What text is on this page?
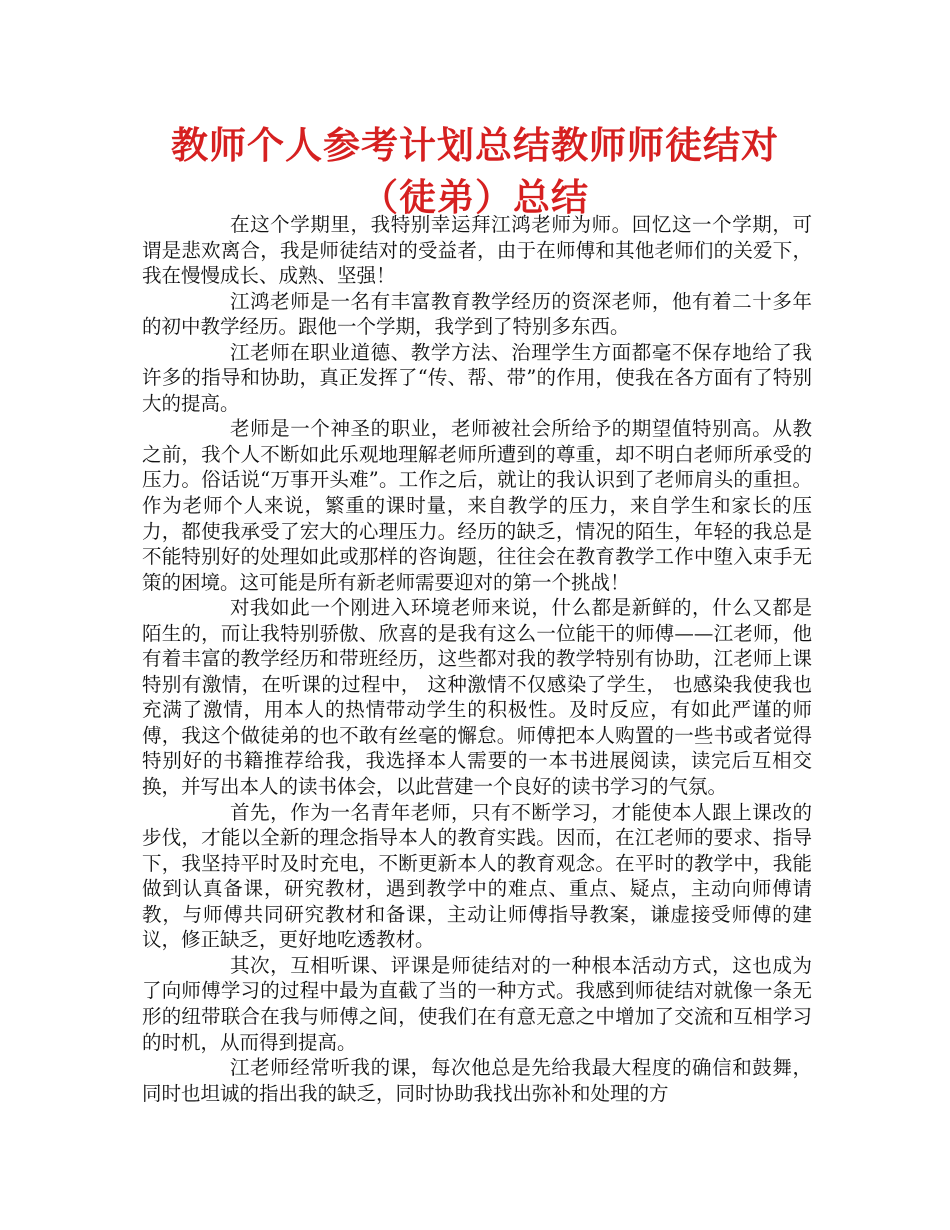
教师个人参考计划总结教师师徒结对（徒弟）总结

在这个学期里，我特别幸运拜江鸿老师为师。回忆这一个学期，可谓是悲欢离合，我是师徒结对的受益者，由于在师傅和其他老师们的关爱下，我在慢慢成长、成熟、坚强！

江鸿老师是一名有丰富教育教学经历的资深老师，他有着二十多年的初中教学经历。跟他一个学期，我学到了特别多东西。

江老师在职业道德、教学方法、治理学生方面都毫不保存地给了我许多的指导和协助，真正发挥了“传、帮、带”的作用，使我在各方面有了特别大的提高。

老师是一个神圣的职业，老师被社会所给予的期望值特别高。从教之前，我个人不断如此乐观地理解老师所遭到的尊重，却不明白老师所承受的压力。俗话说“万事开头难”。工作之后，就让的我认识到了老师肩头的重担。作为老师个人来说，繁重的课时量，来自教学的压力，来自学生和家长的压力，都使我承受了宏大的心理压力。经历的缺乏，情况的陌生，年轻的我总是不能特别好的处理如此或那样的咨询题，往往会在教育教学工作中堕入束手无策的困境。这可能是所有新老师需要迎对的第一个挑战！

对我如此一个刚进入环境老师来说，什么都是新鲜的，什么又都是陌生的，而让我特别骄傲、欣喜的是我有这么一位能干的师傅——江老师，他有着丰富的教学经历和带班经历，这些都对我的教学特别有协助，江老师上课特别有激情，在听课的过程中， 这种激情不仅感染了学生， 也感染我使我也充满了激情，用本人的热情带动学生的积极性。及时反应，有如此严谨的师傅，我这个做徒弟的也不敢有丝毫的懈怠。师傅把本人购置的一些书或者觉得特别好的书籍推荐给我，我选择本人需要的一本书进展阅读，读完后互相交换，并写出本人的读书体会，以此营建一个良好的读书学习的气氛。

首先，作为一名青年老师，只有不断学习，才能使本人跟上课改的步伐，才能以全新的理念指导本人的教育实践。因而，在江老师的要求、指导下，我坚持平时及时充电，不断更新本人的教育观念。在平时的教学中，我能做到认真备课，研究教材，遇到教学中的难点、重点、疑点，主动向师傅请教，与师傅共同研究教材和备课，主动让师傅指导教案，谦虚接受师傅的建议，修正缺乏，更好地吃透教材。

其次，互相听课、评课是师徒结对的一种根本活动方式，这也成为了向师傅学习的过程中最为直截了当的一种方式。我感到师徒结对就像一条无形的纽带联合在我与师傅之间，使我们在有意无意之中增加了交流和互相学习的时机，从而得到提高。

江老师经常听我的课，每次他总是先给我最大程度的确信和鼓舞，同时也坦诚的指出我的缺乏，同时协助我找出弥补和处理的方
